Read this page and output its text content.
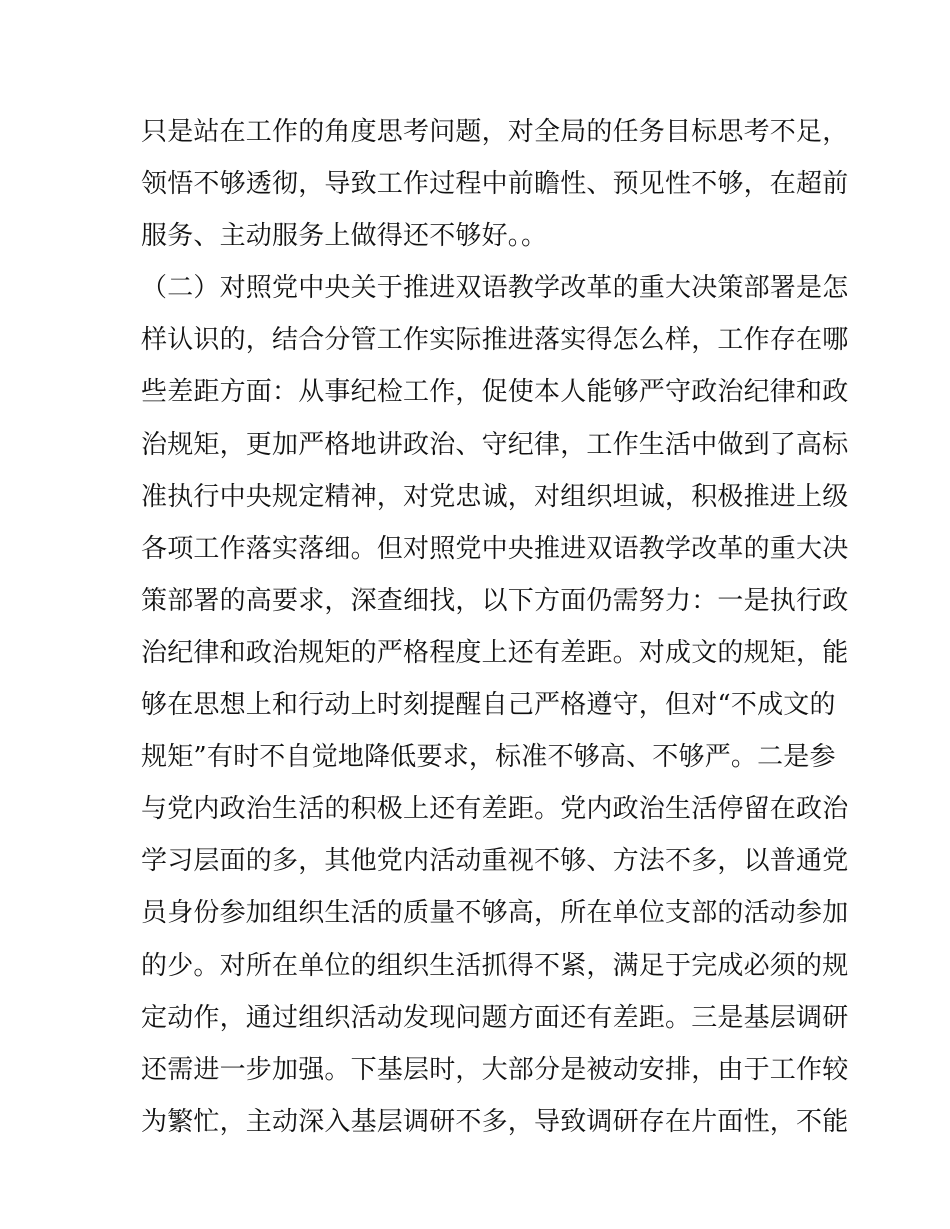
只是站在工作的角度思考问题，对全局的任务目标思考不足，
领悟不够透彻，导致工作过程中前瞻性、预见性不够，在超前
服务、主动服务上做得还不够好。。
（二）对照党中央关于推进双语教学改革的重大决策部署是怎
样认识的，结合分管工作实际推进落实得怎么样，工作存在哪
些差距方面：从事纪检工作，促使本人能够严守政治纪律和政
治规矩，更加严格地讲政治、守纪律，工作生活中做到了高标
准执行中央规定精神，对党忠诚，对组织坦诚，积极推进上级
各项工作落实落细。但对照党中央推进双语教学改革的重大决
策部署的高要求，深查细找，以下方面仍需努力：一是执行政
治纪律和政治规矩的严格程度上还有差距。对成文的规矩，能
够在思想上和行动上时刻提醒自己严格遵守，但对“不成文的
规矩”有时不自觉地降低要求，标准不够高、不够严。二是参
与党内政治生活的积极上还有差距。党内政治生活停留在政治
学习层面的多，其他党内活动重视不够、方法不多，以普通党
员身份参加组织生活的质量不够高，所在单位支部的活动参加
的少。对所在单位的组织生活抓得不紧，满足于完成必须的规
定动作，通过组织活动发现问题方面还有差距。三是基层调研
还需进一步加强。下基层时，大部分是被动安排，由于工作较
为繁忙，主动深入基层调研不多，导致调研存在片面性，不能
